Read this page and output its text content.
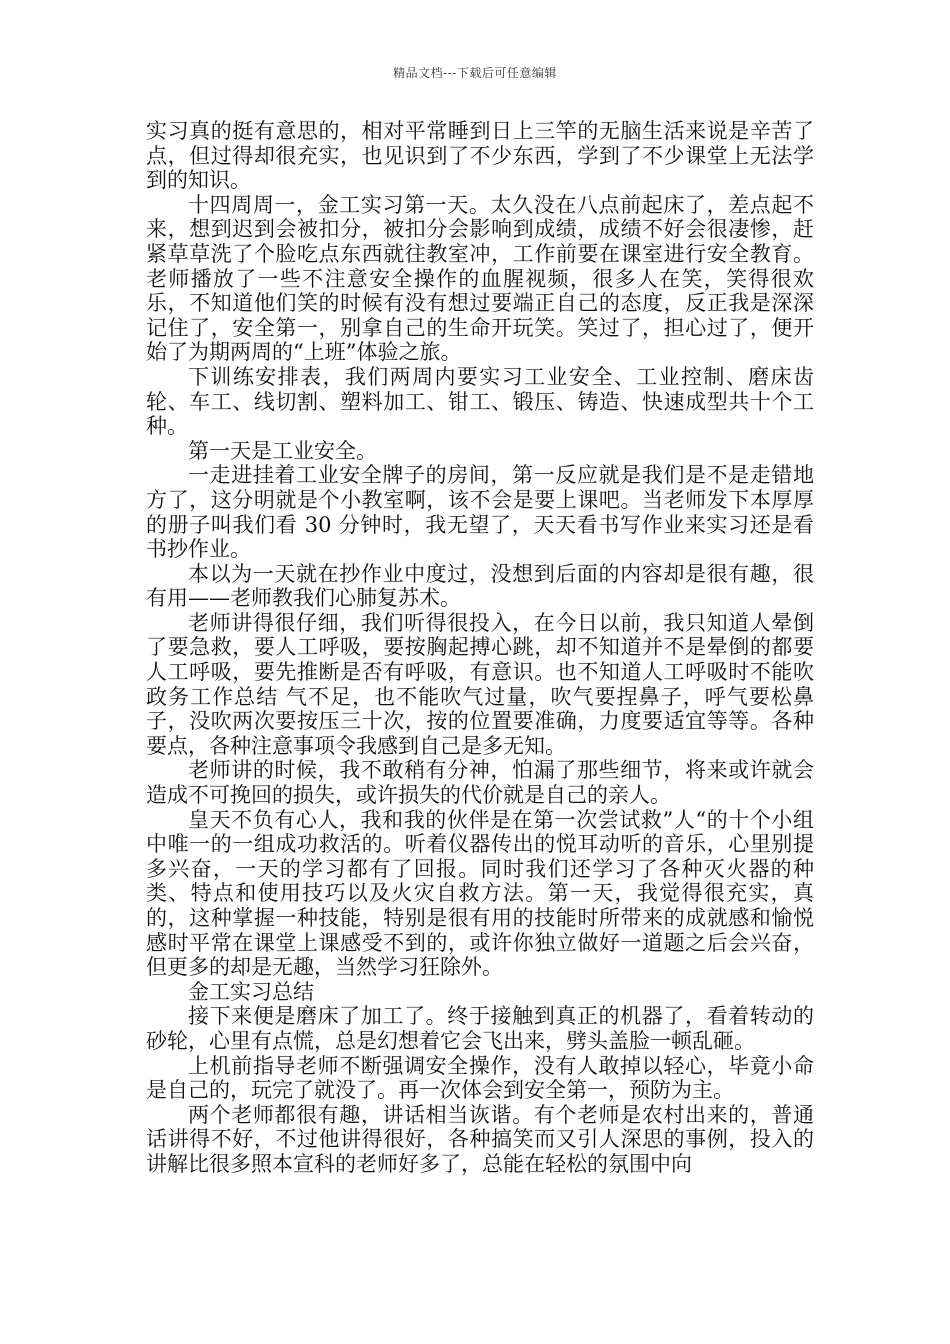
精品文档---下载后可任意编辑

实习真的挺有意思的，相对平常睡到日上三竿的无脑生活来说是辛苦了点，但过得却很充实，也见识到了不少东西，学到了不少课堂上无法学到的知识。

十四周周一，金工实习第一天。太久没在八点前起床了，差点起不来，想到迟到会被扣分，被扣分会影响到成绩，成绩不好会很凄惨，赶紧草草洗了个脸吃点东西就往教室冲，工作前要在课室进行安全教育。老师播放了一些不注意安全操作的血腥视频，很多人在笑，笑得很欢乐，不知道他们笑的时候有没有想过要端正自己的态度，反正我是深深记住了，安全第一，别拿自己的生命开玩笑。笑过了，担心过了，便开始了为期两周的“上班”体验之旅。

下训练安排表，我们两周内要实习工业安全、工业控制、磨床齿轮、车工、线切割、塑料加工、钳工、锻压、铸造、快速成型共十个工种。

第一天是工业安全。

一走进挂着工业安全牌子的房间，第一反应就是我们是不是走错地方了，这分明就是个小教室啊，该不会是要上课吧。当老师发下本厚厚的册子叫我们看 30 分钟时，我无望了，天天看书写作业来实习还是看书抄作业。

本以为一天就在抄作业中度过，没想到后面的内容却是很有趣，很有用——老师教我们心肺复苏术。

老师讲得很仔细，我们听得很投入，在今日以前，我只知道人晕倒了要急救，要人工呼吸，要按胸起搏心跳，却不知道并不是晕倒的都要人工呼吸，要先推断是否有呼吸，有意识。也不知道人工呼吸时不能吹政务工作总结 气不足，也不能吹气过量，吹气要捏鼻子，呼气要松鼻子，没吹两次要按压三十次，按的位置要准确，力度要适宜等等。各种要点，各种注意事项令我感到自己是多无知。

老师讲的时候，我不敢稍有分神，怕漏了那些细节，将来或许就会造成不可挽回的损失，或许损失的代价就是自己的亲人。

皇天不负有心人，我和我的伙伴是在第一次尝试救”人“的十个小组中唯一的一组成功救活的。听着仪器传出的悦耳动听的音乐，心里别提多兴奋，一天的学习都有了回报。同时我们还学习了各种灭火器的种类、特点和使用技巧以及火灾自救方法。第一天，我觉得很充实，真的，这种掌握一种技能，特别是很有用的技能时所带来的成就感和愉悦感时平常在课堂上课感受不到的，或许你独立做好一道题之后会兴奋，但更多的却是无趣，当然学习狂除外。

金工实习总结

接下来便是磨床了加工了。终于接触到真正的机器了，看着转动的砂轮，心里有点慌，总是幻想着它会飞出来，劈头盖脸一顿乱砸。

上机前指导老师不断强调安全操作，没有人敢掉以轻心，毕竟小命是自己的，玩完了就没了。再一次体会到安全第一，预防为主。

两个老师都很有趣，讲话相当诙谐。有个老师是农村出来的，普通话讲得不好，不过他讲得很好，各种搞笑而又引人深思的事例，投入的讲解比很多照本宣科的老师好多了，总能在轻松的氛围中向
